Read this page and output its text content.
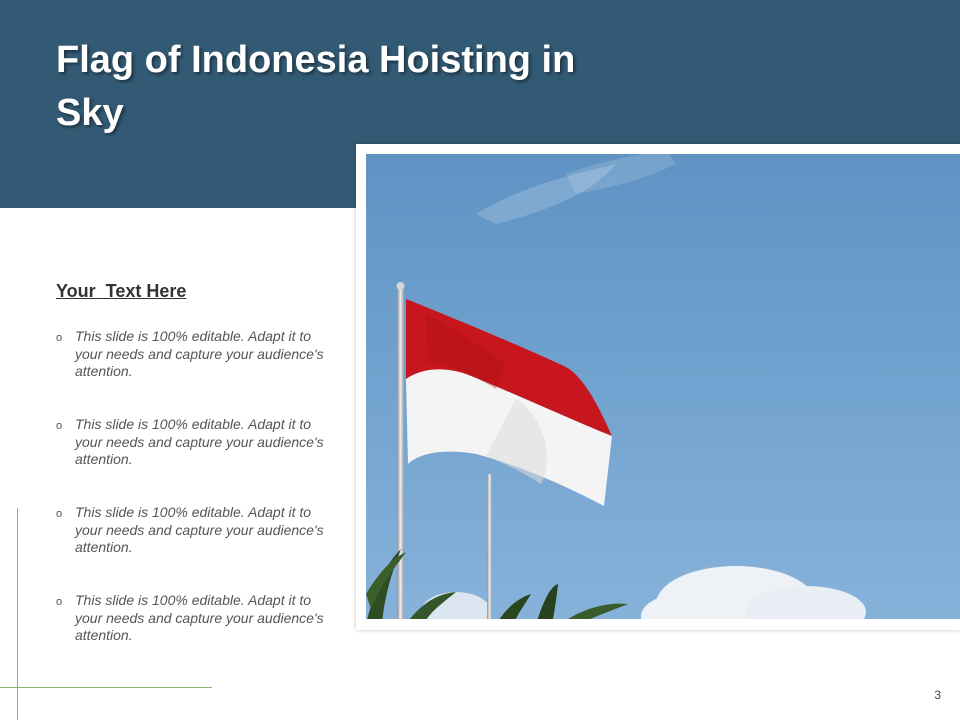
Flag of Indonesia Hoisting in Sky
Your  Text Here
o This slide is 100% editable. Adapt it to your needs and capture your audience's attention.
o This slide is 100% editable. Adapt it to your needs and capture your audience's attention.
o This slide is 100% editable. Adapt it to your needs and capture your audience's attention.
o This slide is 100% editable. Adapt it to your needs and capture your audience's attention.
3
